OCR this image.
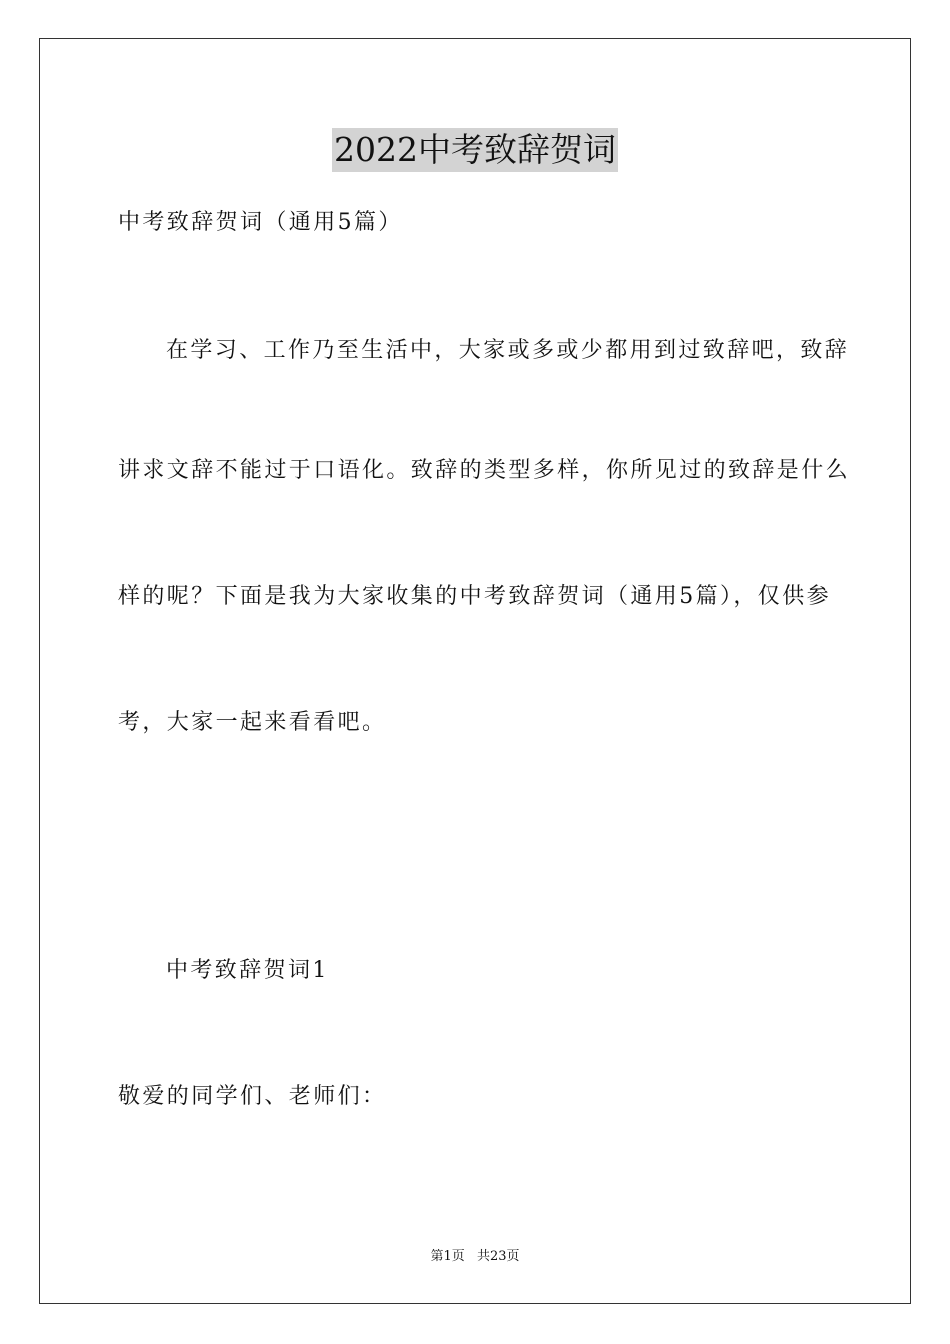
2022中考致辞贺词
中考致辞贺词（通用5篇）
在学习、工作乃至生活中，大家或多或少都用到过致辞吧，致辞
讲求文辞不能过于口语化。致辞的类型多样，你所见过的致辞是什么
样的呢？下面是我为大家收集的中考致辞贺词（通用5篇），仅供参
考，大家一起来看看吧。
中考致辞贺词1
敬爱的同学们、老师们：
第1页 共23页
